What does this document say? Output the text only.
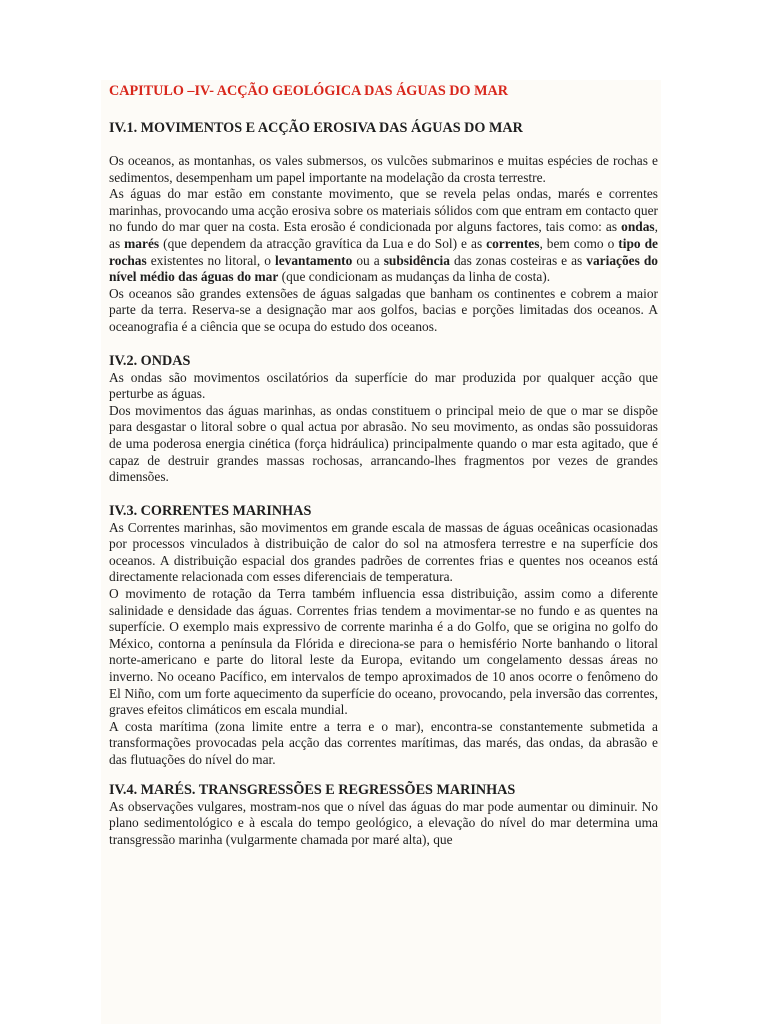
CAPITULO –IV- ACÇÃO GEOLÓGICA DAS ÁGUAS DO MAR
IV.1. MOVIMENTOS E ACÇÃO EROSIVA DAS ÁGUAS DO MAR

Os oceanos, as montanhas, os vales submersos, os vulcões submarinos e muitas espécies de rochas e sedimentos, desempenham um papel importante na modelação da crosta terrestre.

As águas do mar estão em constante movimento, que se revela pelas ondas, marés e correntes marinhas, provocando uma acção erosiva sobre os materiais sólidos com que entram em contacto quer no fundo do mar quer na costa. Esta erosão é condicionada por alguns factores, tais como: as ondas, as marés (que dependem da atracção gravítica da Lua e do Sol) e as correntes, bem como o tipo de rochas existentes no litoral, o levantamento ou a subsidência das zonas costeiras e as variações do nível médio das águas do mar (que condicionam as mudanças da linha de costa).

Os oceanos são grandes extensões de águas salgadas que banham os continentes e cobrem a maior parte da terra. Reserva-se a designação mar aos golfos, bacias e porções limitadas dos oceanos. A oceanografia é a ciência que se ocupa do estudo dos oceanos.

IV.2. ONDAS

As ondas são movimentos oscilatórios da superfície do mar produzida por qualquer acção que perturbe as águas.

Dos movimentos das águas marinhas, as ondas constituem o principal meio de que o mar se dispõe para desgastar o litoral sobre o qual actua por abrasão. No seu movimento, as ondas são possuidoras de uma poderosa energia cinética (força hidráulica) principalmente quando o mar esta agitado, que é capaz de destruir grandes massas rochosas, arrancando-lhes fragmentos por vezes de grandes dimensões.

IV.3. CORRENTES MARINHAS

As Correntes marinhas, são movimentos em grande escala de massas de águas oceânicas ocasionadas por processos vinculados à distribuição de calor do sol na atmosfera terrestre e na superfície dos oceanos. A distribuição espacial dos grandes padrões de correntes frias e quentes nos oceanos está directamente relacionada com esses diferenciais de temperatura.

O movimento de rotação da Terra também influencia essa distribuição, assim como a diferente salinidade e densidade das águas. Correntes frias tendem a movimentar-se no fundo e as quentes na superfície. O exemplo mais expressivo de corrente marinha é a do Golfo, que se origina no golfo do México, contorna a península da Flórida e direciona-se para o hemisfério Norte banhando o litoral norte-americano e parte do litoral leste da Europa, evitando um congelamento dessas áreas no inverno. No oceano Pacífico, em intervalos de tempo aproximados de 10 anos ocorre o fenômeno do El Niño, com um forte aquecimento da superfície do oceano, provocando, pela inversão das correntes, graves efeitos climáticos em escala mundial.

A costa marítima (zona limite entre a terra e o mar), encontra-se constantemente submetida a transformações provocadas pela acção das correntes marítimas, das marés, das ondas, da abrasão e das flutuações do nível do mar.

IV.4. MARÉS. TRANSGRESSÕES E REGRESSÕES MARINHAS

As observações vulgares, mostram-nos que o nível das águas do mar pode aumentar ou diminuir. No plano sedimentológico e à escala do tempo geológico, a elevação do nível do mar determina uma transgressão marinha (vulgarmente chamada por maré alta), que
